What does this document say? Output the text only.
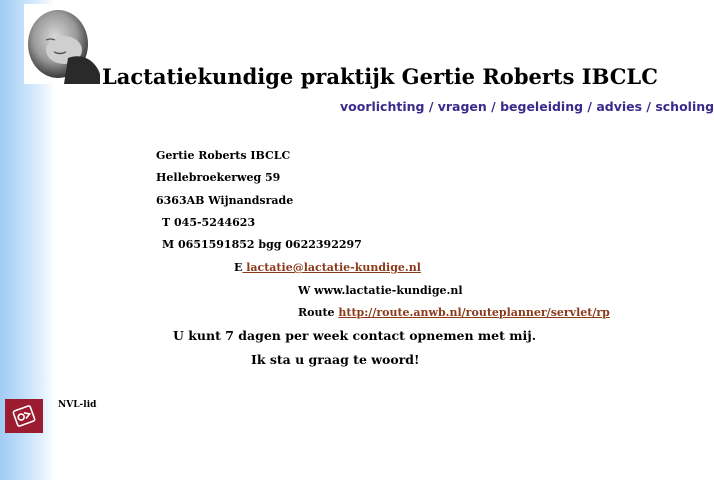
Lactatiekundige praktijk Gertie Roberts IBCLC
voorlichting / vragen / begeleiding / advies / scholing
Gertie Roberts IBCLC
Hellebroekerweg 59
6363AB Wijnandsrade
T 045-5244623
M 0651591852 bgg 0622392297
E lactatie@lactatie-kundige.nl
W www.lactatie-kundige.nl
Route http://route.anwb.nl/routeplanner/servlet/rp
U kunt 7 dagen per week contact opnemen met mij.
Ik sta u graag te woord!
NVL-lid
